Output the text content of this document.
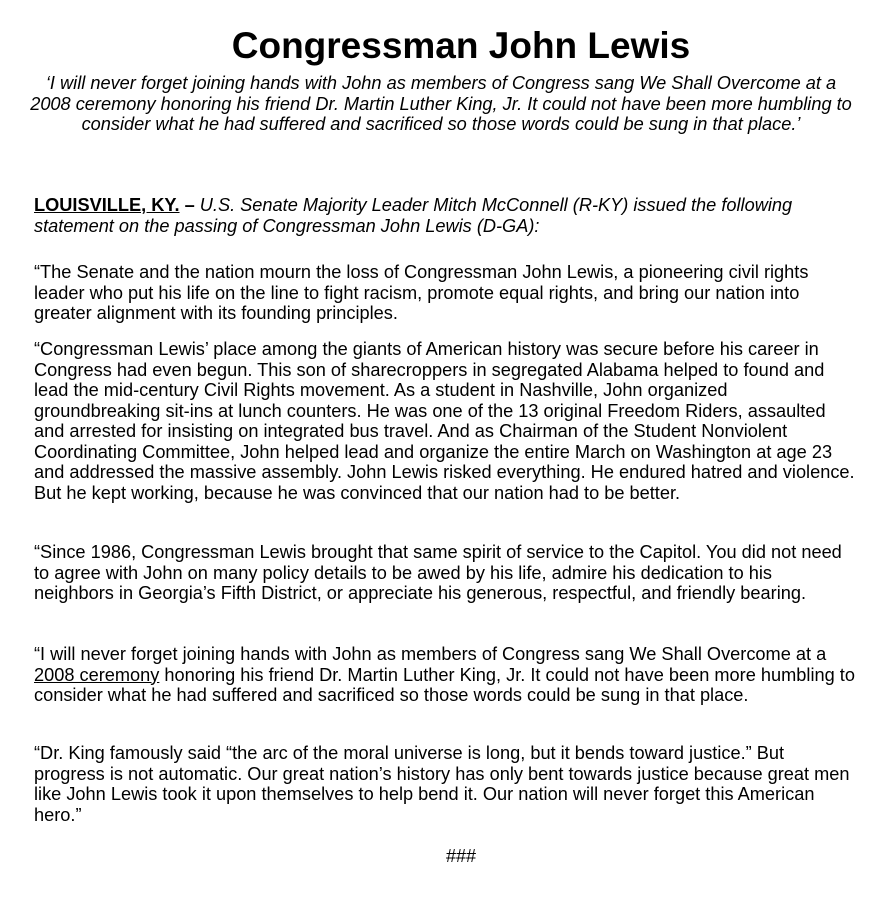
Congressman John Lewis
‘I will never forget joining hands with John as members of Congress sang We Shall Overcome at a 2008 ceremony honoring his friend Dr. Martin Luther King, Jr. It could not have been more humbling to consider what he had suffered and sacrificed so those words could be sung in that place.’
LOUISVILLE, KY. – U.S. Senate Majority Leader Mitch McConnell (R-KY) issued the following statement on the passing of Congressman John Lewis (D-GA):

“The Senate and the nation mourn the loss of Congressman John Lewis, a pioneering civil rights leader who put his life on the line to fight racism, promote equal rights, and bring our nation into greater alignment with its founding principles.

“Congressman Lewis’ place among the giants of American history was secure before his career in Congress had even begun. This son of sharecroppers in segregated Alabama helped to found and lead the mid-century Civil Rights movement. As a student in Nashville, John organized groundbreaking sit-ins at lunch counters. He was one of the 13 original Freedom Riders, assaulted and arrested for insisting on integrated bus travel. And as Chairman of the Student Nonviolent Coordinating Committee, John helped lead and organize the entire March on Washington at age 23 and addressed the massive assembly. John Lewis risked everything. He endured hatred and violence. But he kept working, because he was convinced that our nation had to be better.

“Since 1986, Congressman Lewis brought that same spirit of service to the Capitol. You did not need to agree with John on many policy details to be awed by his life, admire his dedication to his neighbors in Georgia’s Fifth District, or appreciate his generous, respectful, and friendly bearing.

“I will never forget joining hands with John as members of Congress sang We Shall Overcome at a 2008 ceremony honoring his friend Dr. Martin Luther King, Jr. It could not have been more humbling to consider what he had suffered and sacrificed so those words could be sung in that place.

“Dr. King famously said “the arc of the moral universe is long, but it bends toward justice.” But progress is not automatic. Our great nation’s history has only bent towards justice because great men like John Lewis took it upon themselves to help bend it. Our nation will never forget this American hero.”

###
